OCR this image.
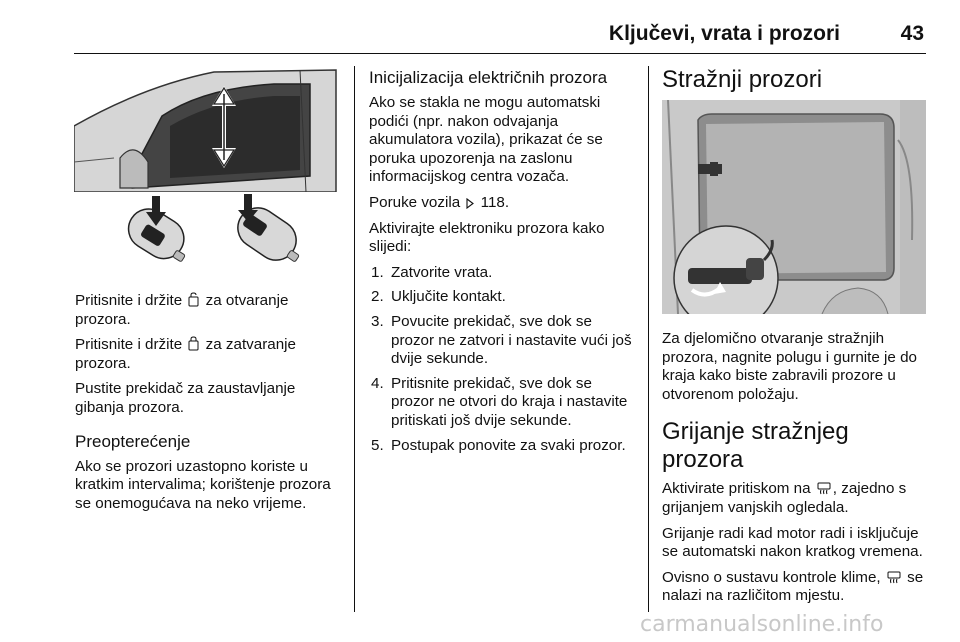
Ključevi, vrata i prozori	43

Pritisnite i držite  za otvaranje prozora.

Pritisnite i držite  za zatvaranje prozora.

Pustite prekidač za zaustavljanje gibanja prozora.

Preopterećenje

Ako se prozori uzastopno koriste u kratkim intervalima; korištenje prozora se onemogućava na neko vrijeme.

Inicijalizacija električnih prozora

Ako se stakla ne mogu automatski podići (npr. nakon odvajanja akumulatora vozila), prikazat će se poruka upozorenja na zaslonu informacijskog centra vozača.

Poruke vozila 118.

Aktivirajte elektroniku prozora kako slijedi:

1. Zatvorite vrata.
2. Uključite kontakt.
3. Povucite prekidač, sve dok se prozor ne zatvori i nastavite vući još dvije sekunde.
4. Pritisnite prekidač, sve dok se prozor ne otvori do kraja i nastavite pritiskati još dvije sekunde.
5. Postupak ponovite za svaki prozor.
Stražnji prozori

Za djelomično otvaranje stražnjih prozora, nagnite polugu i gurnite je do kraja kako biste zabravili prozore u otvorenom položaju.

Grijanje stražnjeg prozora

Aktivirate pritiskom na , zajedno s grijanjem vanjskih ogledala.

Grijanje radi kad motor radi i isključuje se automatski nakon kratkog vremena.

Ovisno o sustavu kontrole klime, se nalazi na različitom mjestu.

carmanualsonline.info
